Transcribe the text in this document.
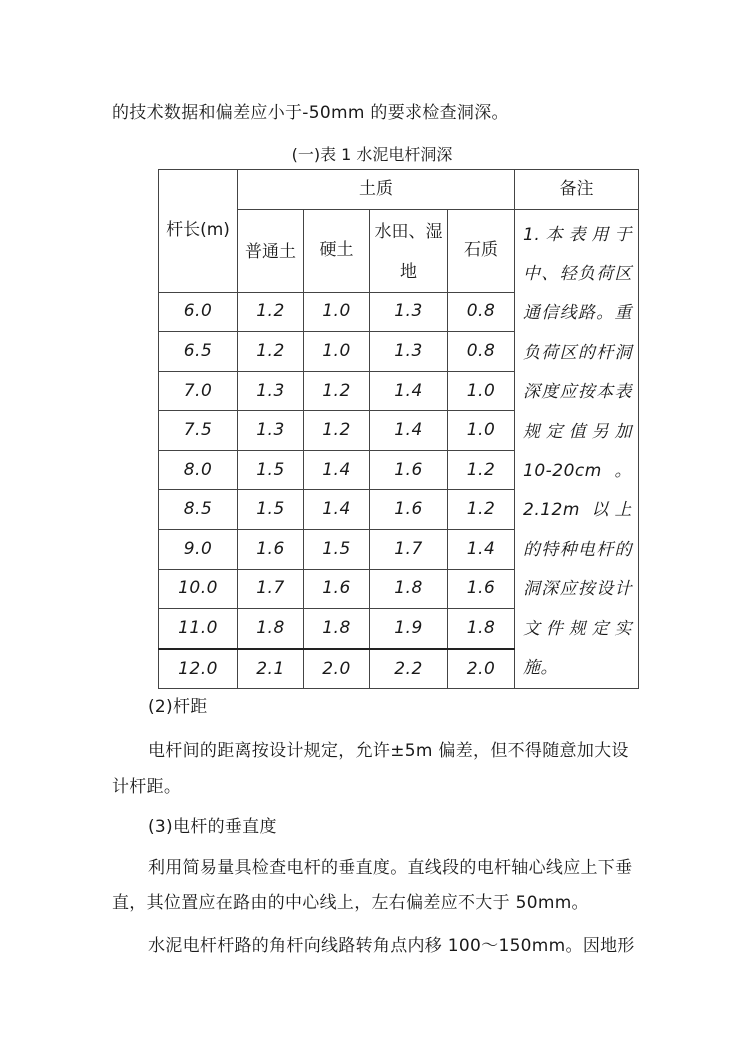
的技术数据和偏差应小于-50mm 的要求检查洞深。
(一)表 1 水泥电杆洞深
杆长(m)	土质				备注
	普通土	硬土	水田、湿地	石质	1.本表用于中、轻负荷区通信线路。重负荷区的杆洞深度应按本表规定值另加 10-20cm。2.12m 以上的特种电杆的洞深应按设计文件规定实施。
6.0	1.2	1.0	1.3	0.8	
6.5	1.2	1.0	1.3	0.8	
7.0	1.3	1.2	1.4	1.0	
7.5	1.3	1.2	1.4	1.0	
8.0	1.5	1.4	1.6	1.2	
8.5	1.5	1.4	1.6	1.2	
9.0	1.6	1.5	1.7	1.4	
10.0	1.7	1.6	1.8	1.6	
11.0	1.8	1.8	1.9	1.8	
12.0	2.1	2.0	2.2	2.0	
(2)杆距
电杆间的距离按设计规定，允许±5m 偏差，但不得随意加大设
计杆距。
(3)电杆的垂直度
利用简易量具检查电杆的垂直度。直线段的电杆轴心线应上下垂
直，其位置应在路由的中心线上，左右偏差应不大于 50mm。
水泥电杆杆路的角杆向线路转角点内移 100～150mm。因地形
